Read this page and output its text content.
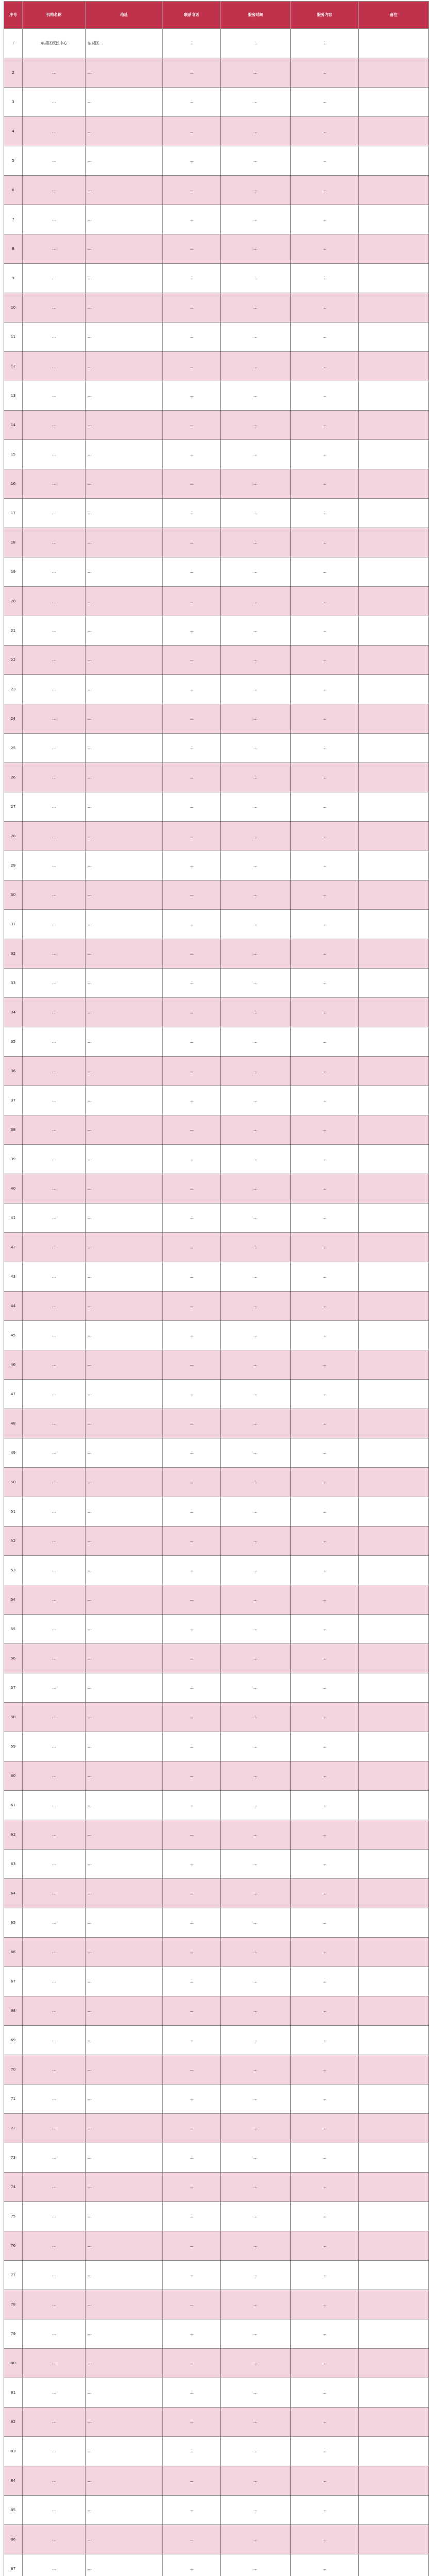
序号	机构名称	地址	联系电话	服务时间	服务内容	备注
1	东湖区疾控中心	东湖区…	…	…	…	
2	…	…	…	…	…	
3	…	…	…	…	…	
4	…	…	…	…	…	
5	…	…	…	…	…	
6	…	…	…	…	…	
7	…	…	…	…	…	
8	…	…	…	…	…	
9	…	…	…	…	…	
10	…	…	…	…	…	
11	…	…	…	…	…	
12	…	…	…	…	…	
13	…	…	…	…	…	
14	…	…	…	…	…	
15	…	…	…	…	…	
16	…	…	…	…	…	
17	…	…	…	…	…	
18	…	…	…	…	…	
19	…	…	…	…	…	
20	…	…	…	…	…	
21	…	…	…	…	…	
22	…	…	…	…	…	
23	…	…	…	…	…	
24	…	…	…	…	…	
25	…	…	…	…	…	
26	…	…	…	…	…	
27	…	…	…	…	…	
28	…	…	…	…	…	
29	…	…	…	…	…	
30	…	…	…	…	…	
31	…	…	…	…	…	
32	…	…	…	…	…	
33	…	…	…	…	…	
34	…	…	…	…	…	
35	…	…	…	…	…	
36	…	…	…	…	…	
37	…	…	…	…	…	
38	…	…	…	…	…	
39	…	…	…	…	…	
40	…	…	…	…	…	
41	…	…	…	…	…	
42	…	…	…	…	…	
43	…	…	…	…	…	
44	…	…	…	…	…	
45	…	…	…	…	…	
46	…	…	…	…	…	
47	…	…	…	…	…	
48	…	…	…	…	…	
49	…	…	…	…	…	
50	…	…	…	…	…	
51	…	…	…	…	…	
52	…	…	…	…	…	
53	…	…	…	…	…	
54	…	…	…	…	…	
55	…	…	…	…	…	
56	…	…	…	…	…	
57	…	…	…	…	…	
58	…	…	…	…	…	
59	…	…	…	…	…	
60	…	…	…	…	…	
61	…	…	…	…	…	
62	…	…	…	…	…	
63	…	…	…	…	…	
64	…	…	…	…	…	
65	…	…	…	…	…	
66	…	…	…	…	…	
67	…	…	…	…	…	
68	…	…	…	…	…	
69	…	…	…	…	…	
70	…	…	…	…	…	
71	…	…	…	…	…	
72	…	…	…	…	…	
73	…	…	…	…	…	
74	…	…	…	…	…	
75	…	…	…	…	…	
76	…	…	…	…	…	
77	…	…	…	…	…	
78	…	…	…	…	…	
79	…	…	…	…	…	
80	…	…	…	…	…	
81	…	…	…	…	…	
82	…	…	…	…	…	
83	…	…	…	…	…	
84	…	…	…	…	…	
85	…	…	…	…	…	
86	…	…	…	…	…	
87	…	…	…	…	…	
